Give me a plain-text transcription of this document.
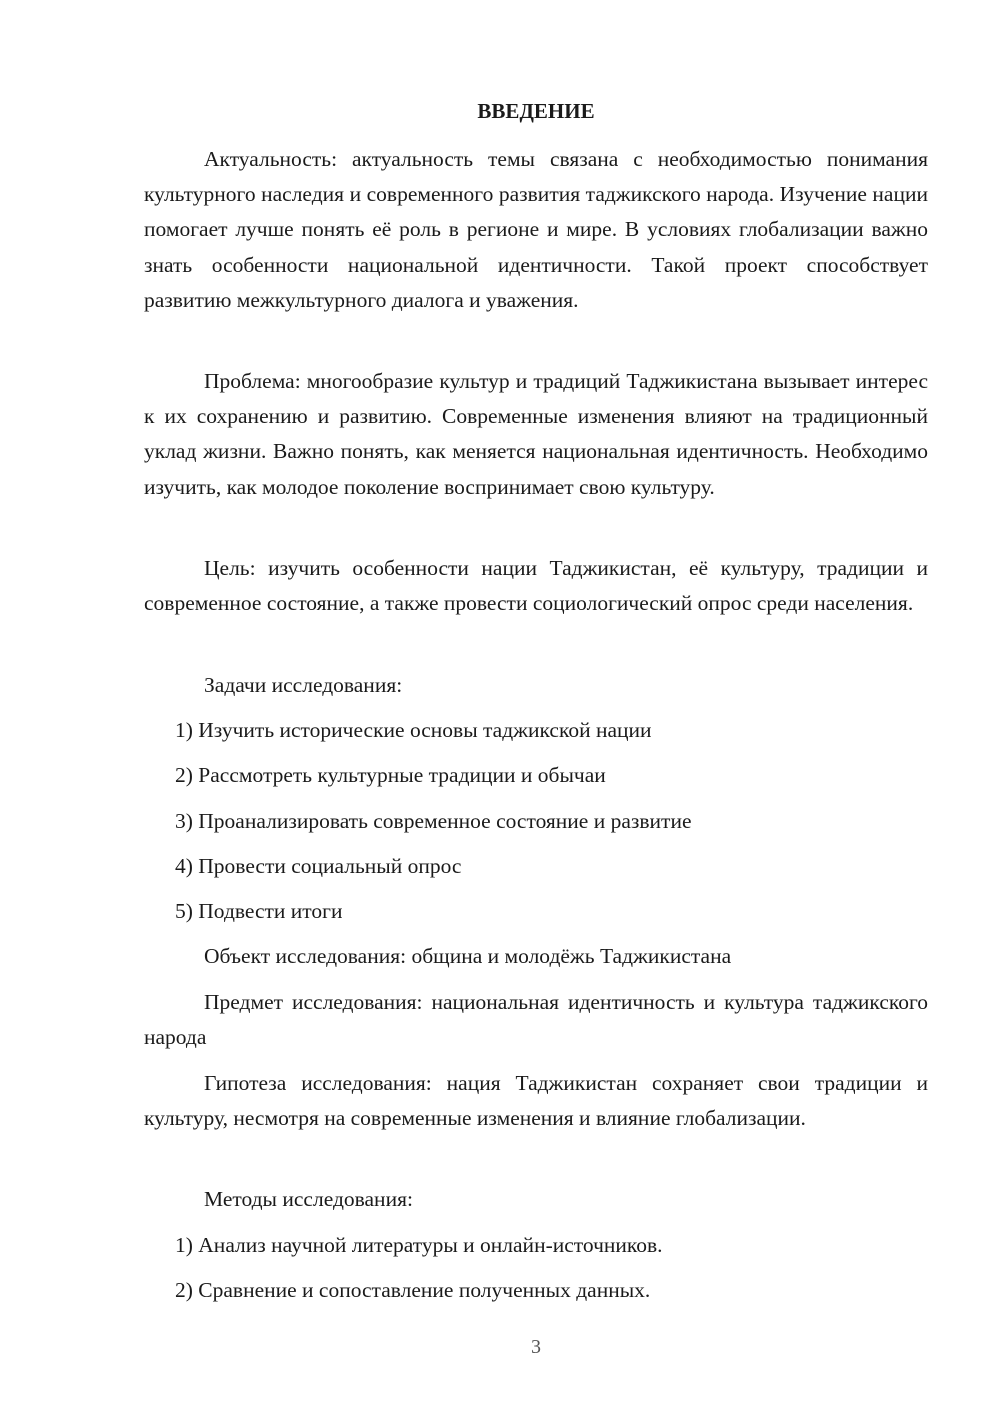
ВВЕДЕНИЕ

Актуальность: актуальность темы связана с необходимостью понимания культурного наследия и современного развития таджикского народа. Изучение нации помогает лучше понять её роль в регионе и мире. В условиях глобализации важно знать особенности национальной идентичности. Такой проект способствует развитию межкультурного диалога и уважения.

Проблема: многообразие культур и традиций Таджикистана вызывает интерес к их сохранению и развитию. Современные изменения влияют на традиционный уклад жизни. Важно понять, как меняется национальная идентичность. Необходимо изучить, как молодое поколение воспринимает свою культуру.

Цель: изучить особенности нации Таджикистан, её культуру, традиции и современное состояние, а также провести социологический опрос среди населения.

Задачи исследования:

1) Изучить исторические основы таджикской нации

2) Рассмотреть культурные традиции и обычаи

3) Проанализировать современное состояние и развитие

4) Провести социальный опрос

5) Подвести итоги

Объект исследования: община и молодёжь Таджикистана

Предмет исследования: национальная идентичность и культура таджикского народа

Гипотеза исследования: нация Таджикистан сохраняет свои традиции и культуру, несмотря на современные изменения и влияние глобализации.

Методы исследования:

1) Анализ научной литературы и онлайн-источников.

2) Сравнение и сопоставление полученных данных.

3
